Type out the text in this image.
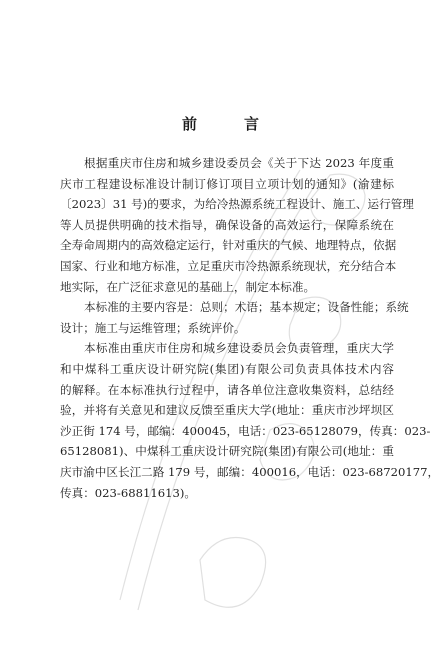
前　言
根据重庆市住房和城乡建设委员会《关于下达 2023 年度重
庆市工程建设标准设计制订修订项目立项计划的通知》(渝建标
〔2023〕31 号)的要求，为给冷热源系统工程设计、施工、运行管理
等人员提供明确的技术指导，确保设备的高效运行，保障系统在
全寿命周期内的高效稳定运行，针对重庆的气候、地理特点，依据
国家、行业和地方标准，立足重庆市冷热源系统现状，充分结合本
地实际，在广泛征求意见的基础上，制定本标准。
本标准的主要内容是：总则；术语；基本规定；设备性能；系统
设计；施工与运维管理；系统评价。
本标准由重庆市住房和城乡建设委员会负责管理，重庆大学
和中煤科工重庆设计研究院(集团)有限公司负责具体技术内容
的解释。在本标准执行过程中，请各单位注意收集资料，总结经
验，并将有关意见和建议反馈至重庆大学(地址：重庆市沙坪坝区
沙正街 174 号，邮编：400045，电话：023-65128079，传真：023-
65128081)、中煤科工重庆设计研究院(集团)有限公司(地址：重
庆市渝中区长江二路 179 号，邮编：400016，电话：023-68720177，
传真：023-68811613)。
